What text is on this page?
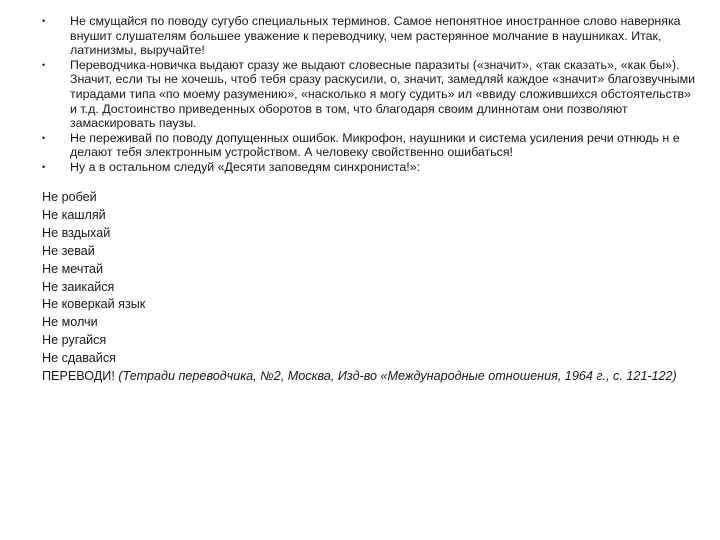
• Не смущайся по поводу сугубо специальных терминов. Самое непонятное иностранное слово наверняка внушит слушателям большее уважение к переводчику, чем растерянное молчание в наушниках. Итак, латинизмы, выручайте!
• Переводчика-новичка выдают сразу же выдают словесные паразиты («значит», «так сказать», «как бы»). Значит, если ты не хочешь, чтоб тебя сразу раскусили, о, значит, замедляй каждое «значит» благозвучными тирадами типа «по моему разумению», «насколько я могу судить» ил «ввиду сложившихся обстоятельств» и т.д. Достоинство приведенных оборотов в том, что благодаря своим длиннотам они позволяют замаскировать паузы.
• Не переживай по поводу допущенных ошибок. Микрофон, наушники и система усиления речи отнюдь н е делают тебя электронным устройством. А человеку свойственно ошибаться!
• Ну а в остальном следуй «Десяти заповедям синхрониста!»:
Не робей
Не кашляй
Не вздыхай
Не зевай
Не мечтай
Не заикайся
Не коверкай язык
Не молчи
Не ругайся
Не сдавайся

ПЕРЕВОДИ! (Тетради переводчика, №2, Москва, Изд-во «Международные отношения, 1964 г., с. 121-122)
